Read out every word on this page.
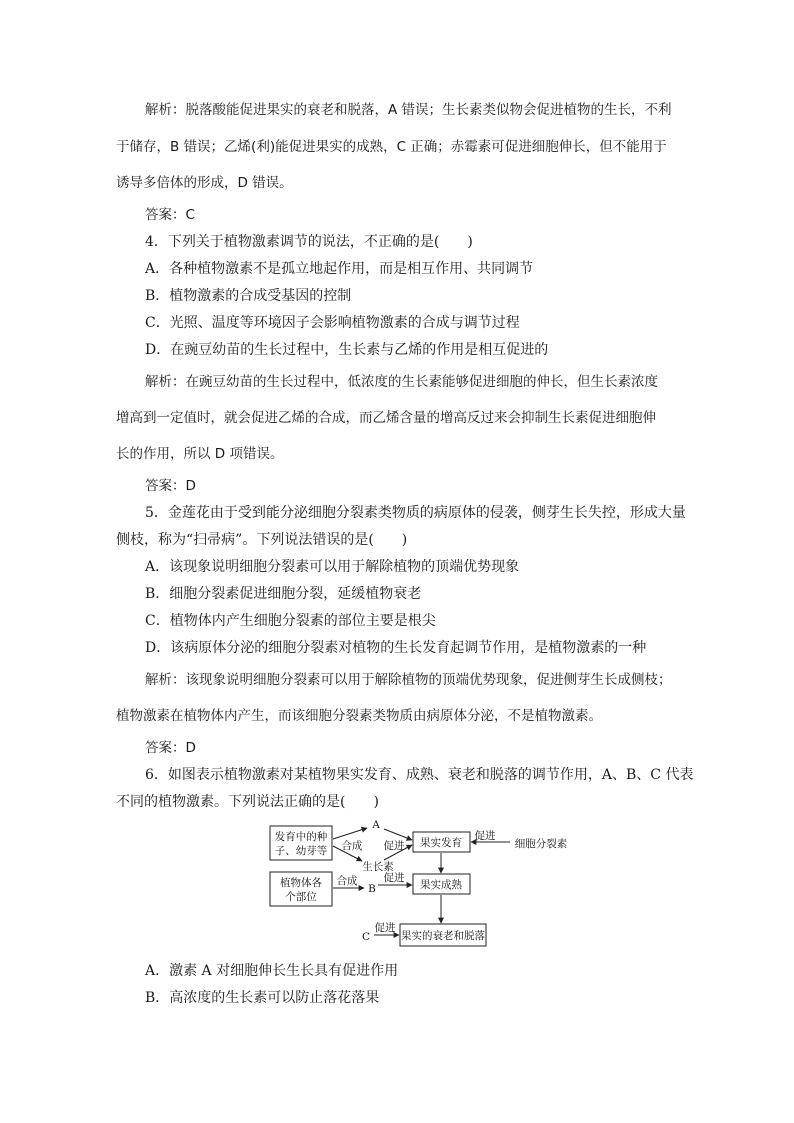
解析：脱落酸能促进果实的衰老和脱落，A 错误；生长素类似物会促进植物的生长，不利
于储存，B 错误；乙烯(利)能促进果实的成熟，C 正确；赤霉素可促进细胞伸长，但不能用于
诱导多倍体的形成，D 错误。
答案：C
4．下列关于植物激素调节的说法，不正确的是(　　)
A．各种植物激素不是孤立地起作用，而是相互作用、共同调节
B．植物激素的合成受基因的控制
C．光照、温度等环境因子会影响植物激素的合成与调节过程
D．在豌豆幼苗的生长过程中，生长素与乙烯的作用是相互促进的
解析：在豌豆幼苗的生长过程中，低浓度的生长素能够促进细胞的伸长，但生长素浓度
增高到一定值时，就会促进乙烯的合成，而乙烯含量的增高反过来会抑制生长素促进细胞伸
长的作用，所以 D 项错误。
答案：D
5．金莲花由于受到能分泌细胞分裂素类物质的病原体的侵袭，侧芽生长失控，形成大量
侧枝，称为“扫帚病”。下列说法错误的是(　　)
A．该现象说明细胞分裂素可以用于解除植物的顶端优势现象
B．细胞分裂素促进细胞分裂，延缓植物衰老
C．植物体内产生细胞分裂素的部位主要是根尖
D．该病原体分泌的细胞分裂素对植物的生长发育起调节作用，是植物激素的一种
解析：该现象说明细胞分裂素可以用于解除植物的顶端优势现象，促进侧芽生长成侧枝；
植物激素在植物体内产生，而该细胞分裂素类物质由病原体分泌，不是植物激素。
答案：D
6．如图表示植物激素对某植物果实发育、成熟、衰老和脱落的调节作用，A、B、C 代表
不同的植物激素。下列说法正确的是(　　)
发育中的种
子、幼芽等
植物体各
个部位
果实发育
果实成熟
果实的衰老和脱落
A
B
C
生长素
合成
合成
促进
促进
促进
促进
细胞分裂素
A．激素 A 对细胞伸长生长具有促进作用
B．高浓度的生长素可以防止落花落果
